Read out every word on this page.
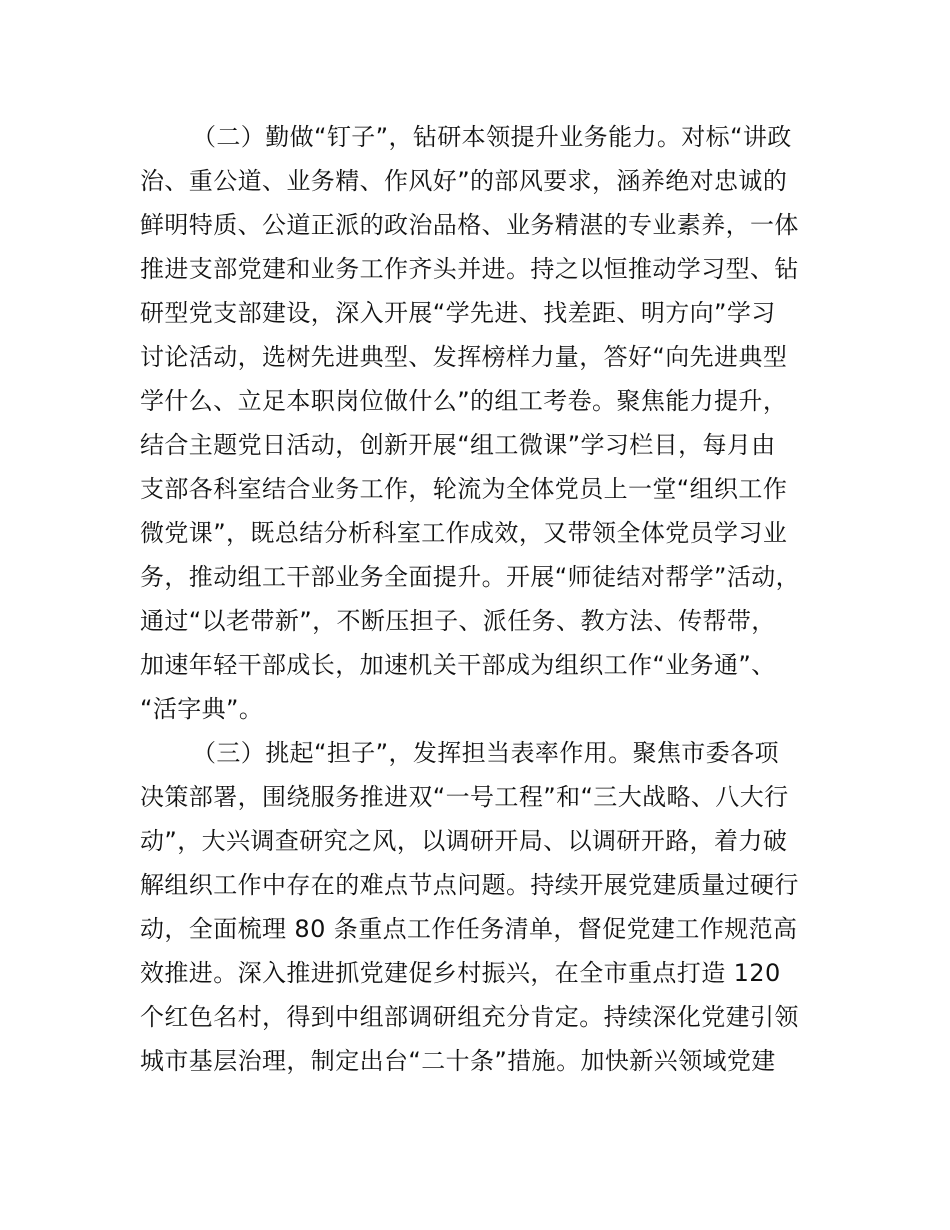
（二）勤做“钉子”，钻研本领提升业务能力。对标“讲政
治、重公道、业务精、作风好”的部风要求，涵养绝对忠诚的
鲜明特质、公道正派的政治品格、业务精湛的专业素养，一体
推进支部党建和业务工作齐头并进。持之以恒推动学习型、钻
研型党支部建设，深入开展“学先进、找差距、明方向”学习
讨论活动，选树先进典型、发挥榜样力量，答好“向先进典型
学什么、立足本职岗位做什么”的组工考卷。聚焦能力提升，
结合主题党日活动，创新开展“组工微课”学习栏目，每月由
支部各科室结合业务工作，轮流为全体党员上一堂“组织工作
微党课”，既总结分析科室工作成效，又带领全体党员学习业
务，推动组工干部业务全面提升。开展“师徒结对帮学”活动，
通过“以老带新”，不断压担子、派任务、教方法、传帮带，
加速年轻干部成长，加速机关干部成为组织工作“业务通”、
“活字典”。
（三）挑起“担子”，发挥担当表率作用。聚焦市委各项
决策部署，围绕服务推进双“一号工程”和“三大战略、八大行
动”，大兴调查研究之风，以调研开局、以调研开路，着力破
解组织工作中存在的难点节点问题。持续开展党建质量过硬行
动，全面梳理 80 条重点工作任务清单，督促党建工作规范高
效推进。深入推进抓党建促乡村振兴，在全市重点打造 120
个红色名村，得到中组部调研组充分肯定。持续深化党建引领
城市基层治理，制定出台“二十条”措施。加快新兴领域党建
